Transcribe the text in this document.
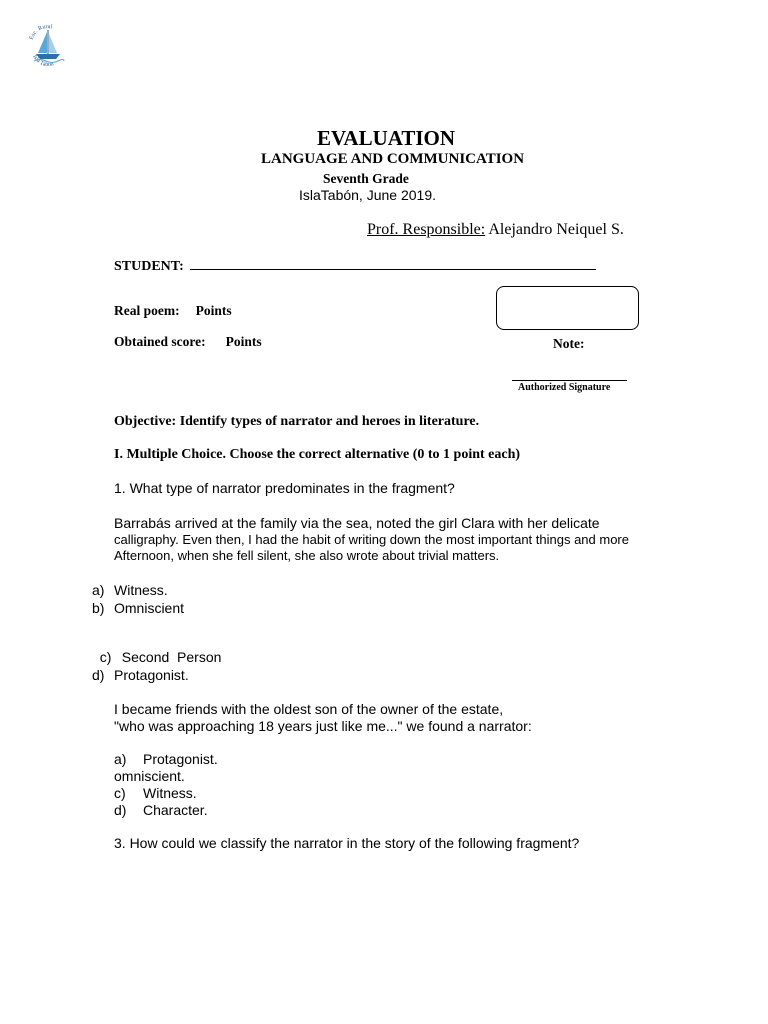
Esc. Rural
Isla Tabón
EVALUATION
LANGUAGE AND COMMUNICATION
Seventh Grade
IslaTabón, June 2019.
Prof. Responsible: Alejandro Neiquel S.
STUDENT:
Real poem: Points
Obtained score: Points	Note:
Authorized Signature
Objective: Identify types of narrator and heroes in literature.
I. Multiple Choice. Choose the correct alternative (0 to 1 point each)
1. What type of narrator predominates in the fragment?
Barrabás arrived at the family via the sea, noted the girl Clara with her delicate
calligraphy. Even then, I had the habit of writing down the most important things and more
Afternoon, when she fell silent, she also wrote about trivial matters.
a) Witness.
b) Omniscient

c) Second  Person

d) Protagonist.
I became friends with the oldest son of the owner of the estate,
"who was approaching 18 years just like me..." we found a narrator:
a) Protagonist.
omniscient.
c) Witness.
d) Character.
3. How could we classify the narrator in the story of the following fragment?
